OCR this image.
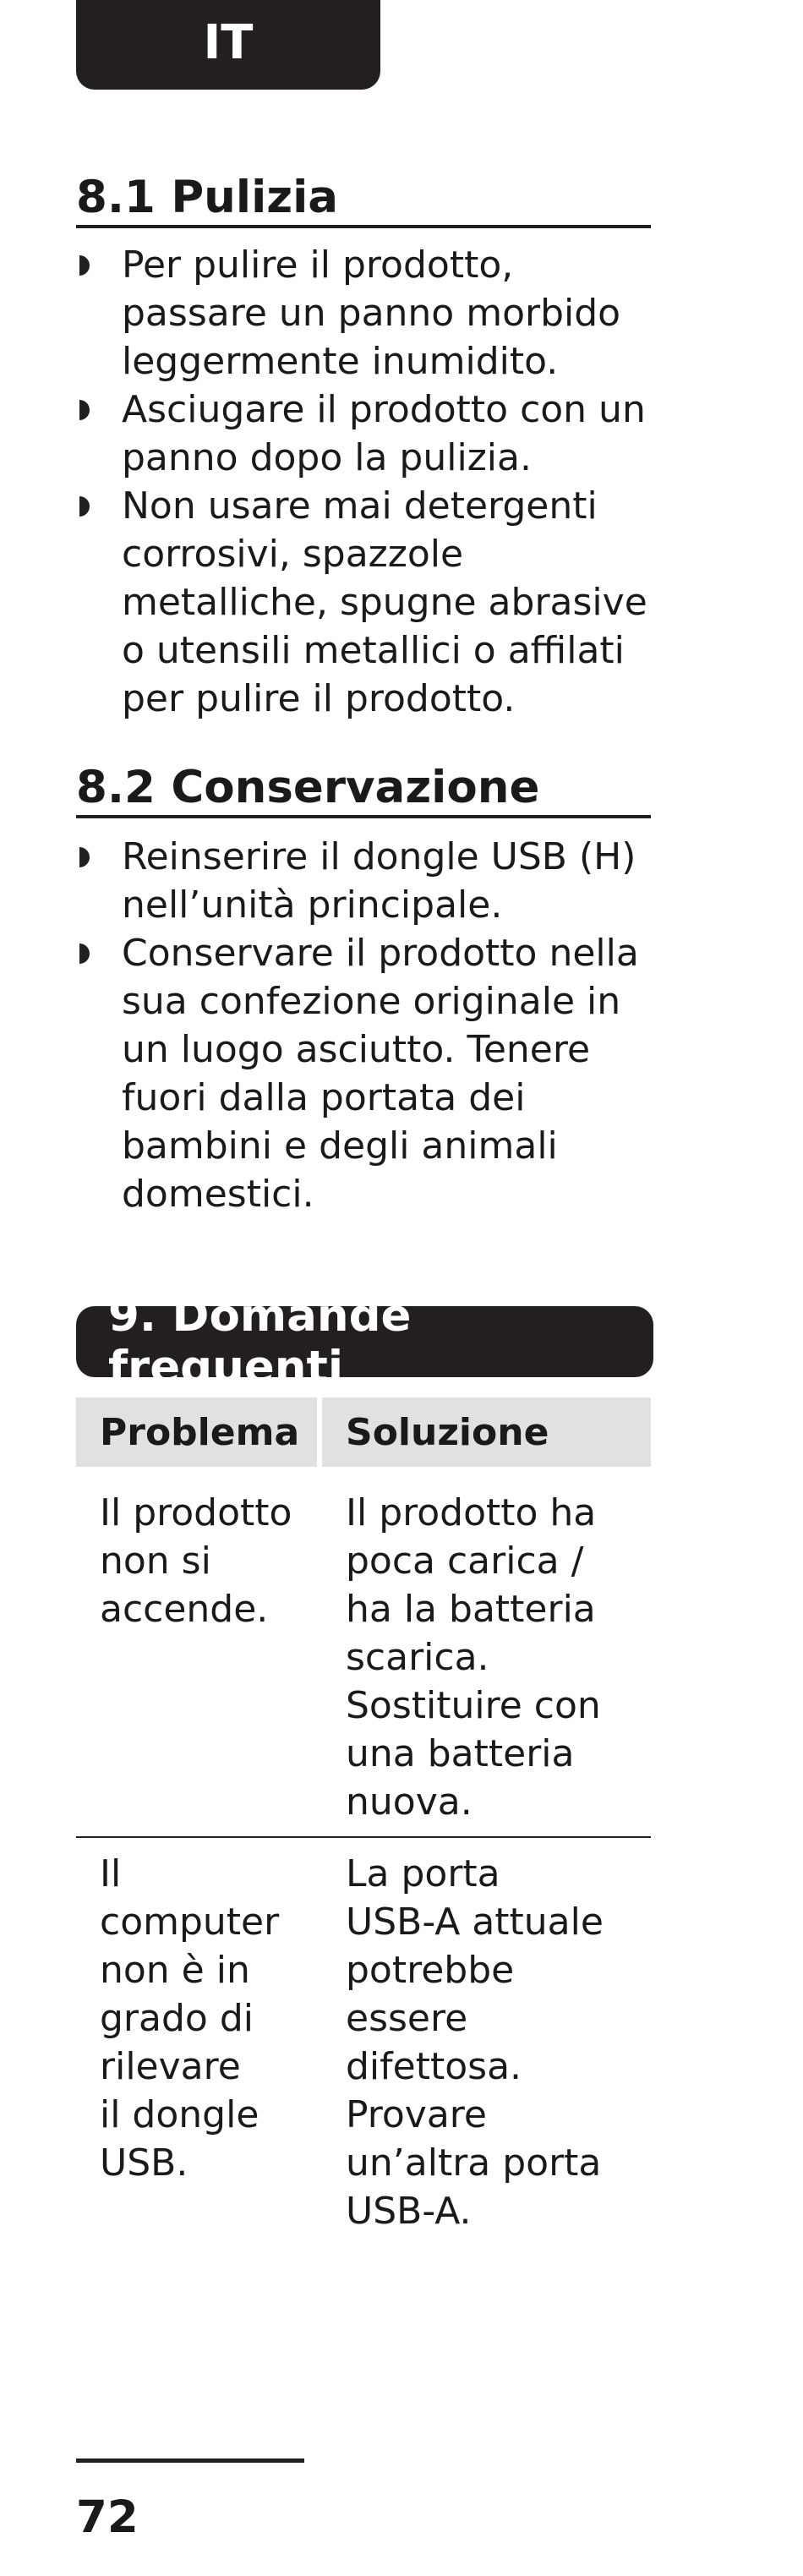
IT
8.1 Pulizia
Per pulire il prodotto,
passare un panno morbido
leggermente inumidito.
Asciugare il prodotto con un
panno dopo la pulizia.
Non usare mai detergenti
corrosivi, spazzole
metalliche, spugne abrasive
o utensili metallici o affilati
per pulire il prodotto.
8.2 Conservazione
Reinserire il dongle USB (H)
nell’unità principale.
Conservare il prodotto nella
sua confezione originale in
un luogo asciutto. Tenere
fuori dalla portata dei
bambini e degli animali
domestici.
9. Domande frequenti
Problema	Soluzione
Il prodotto
non si
accende.
Il prodotto ha
poca carica /
ha la batteria
scarica.
Sostituire con
una batteria
nuova.
Il
computer
non è in
grado di
rilevare
il dongle
USB.
La porta
USB-A attuale
potrebbe
essere
difettosa.
Provare
un’altra porta
USB-A.
72
